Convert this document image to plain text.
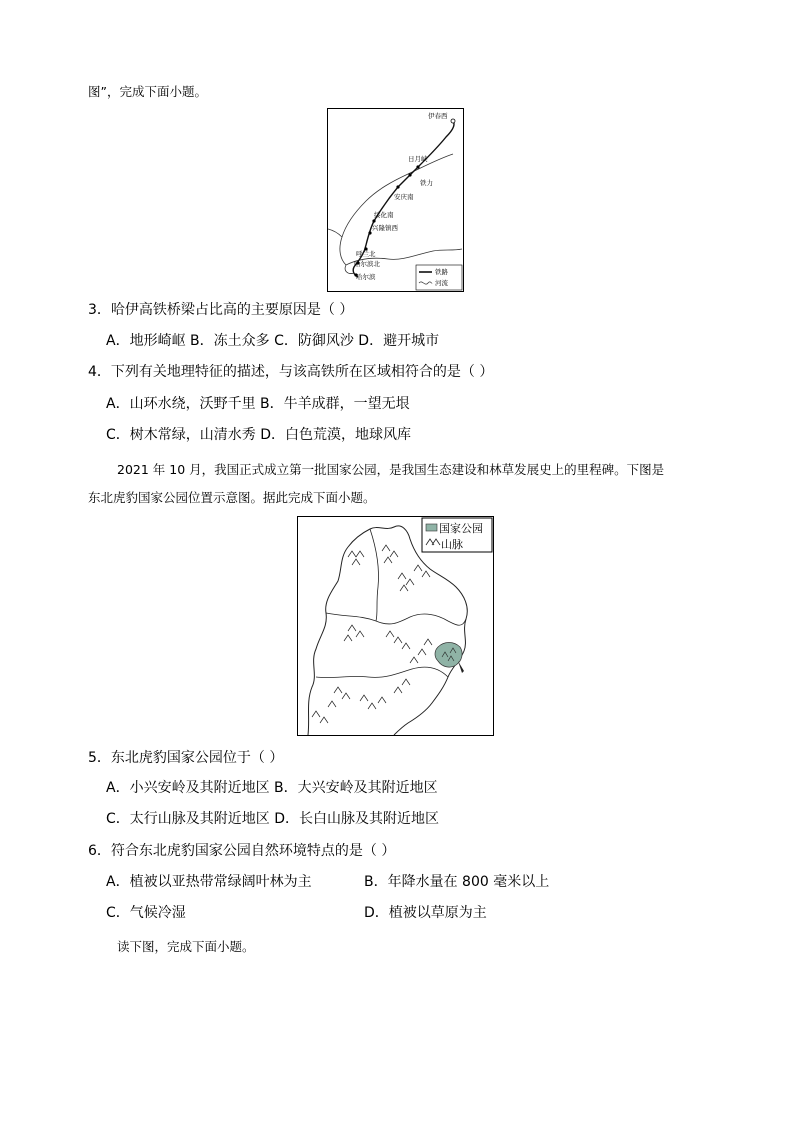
图”，完成下面小题。
伊春西
日月峡
铁力
安庆南
绥化南
兴隆镇西
呼兰北
哈尔滨北
哈尔滨
铁路
河流
3．哈伊高铁桥梁占比高的主要原因是（ ）
A．地形崎岖 B．冻土众多 C．防御风沙 D．避开城市
4．下列有关地理特征的描述，与该高铁所在区域相符合的是（ ）
A．山环水绕，沃野千里 B．牛羊成群，一望无垠
C．树木常绿，山清水秀 D．白色荒漠，地球风库
2021 年 10 月，我国正式成立第一批国家公园，是我国生态建设和林草发展史上的里程碑。下图是
东北虎豹国家公园位置示意图。据此完成下面小题。
国家公园
山脉
5．东北虎豹国家公园位于（ ）
A．小兴安岭及其附近地区 B．大兴安岭及其附近地区
C．太行山脉及其附近地区 D．长白山脉及其附近地区
6．符合东北虎豹国家公园自然环境特点的是（ ）
A．植被以亚热带常绿阔叶林为主	B．年降水量在 800 毫米以上
C．气候冷湿	D．植被以草原为主
读下图，完成下面小题。
